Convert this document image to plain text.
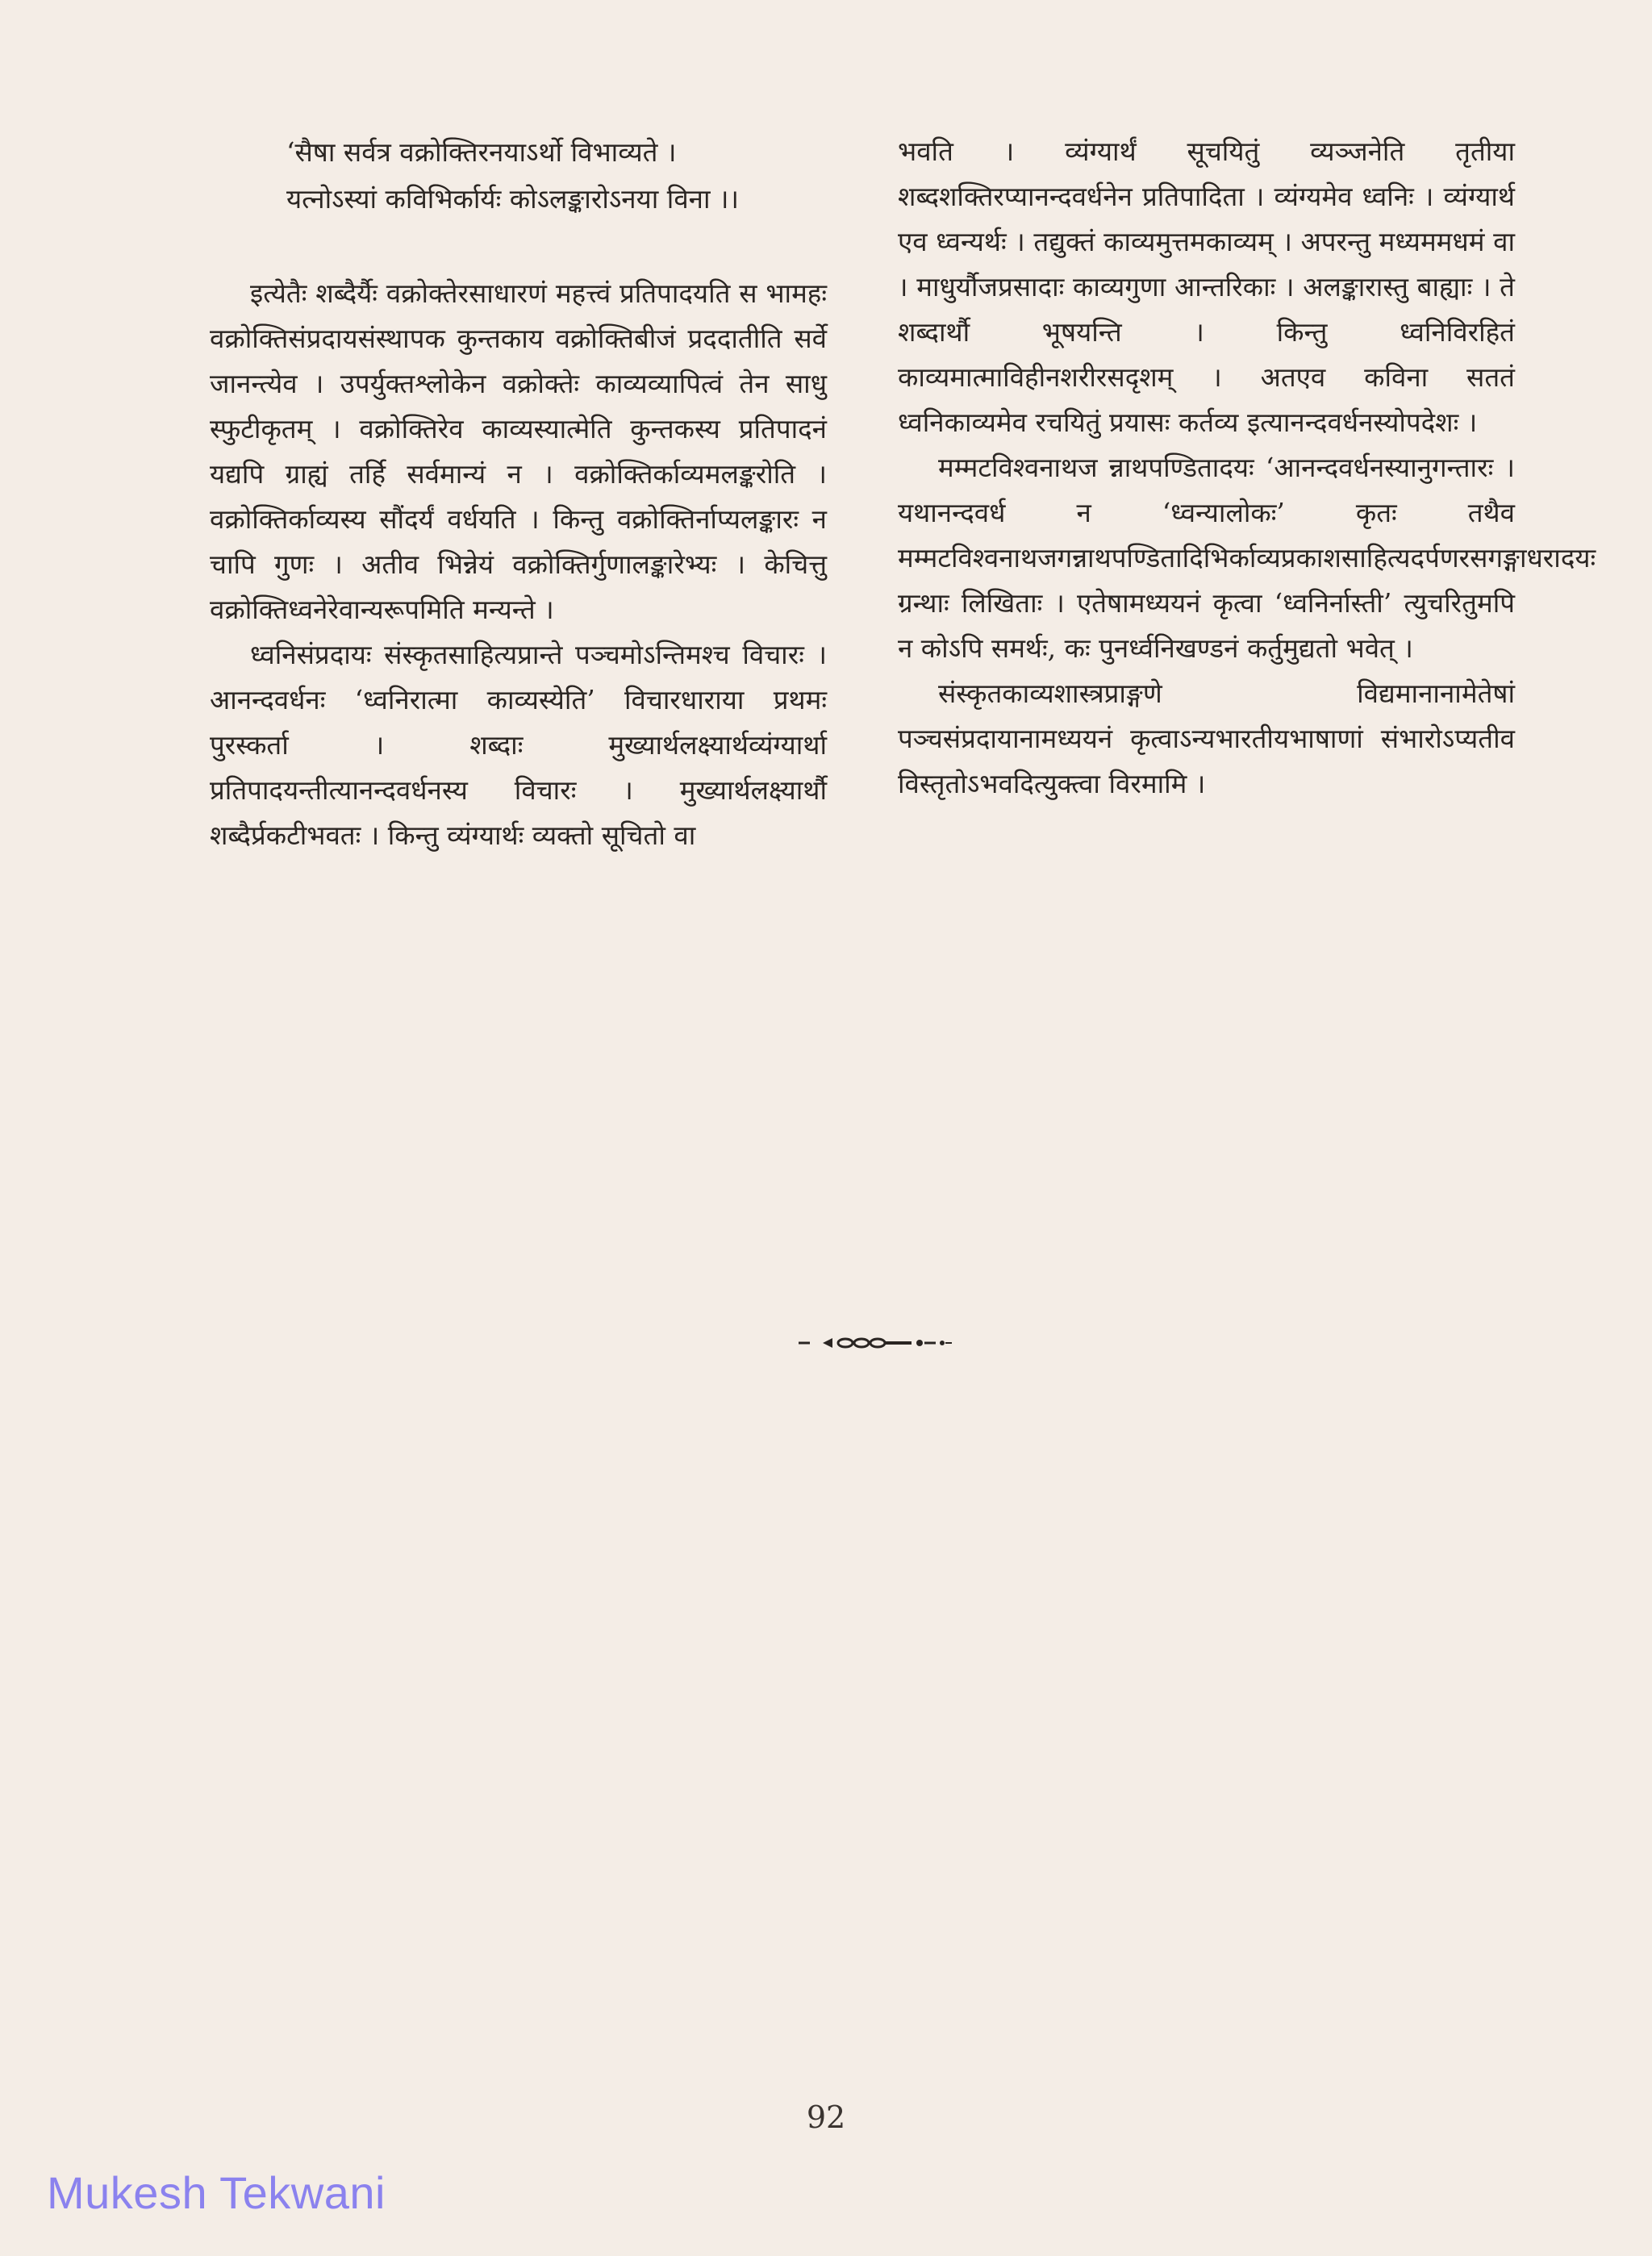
‘सैषा सर्वत्र वक्रोक्तिरनयाऽर्थो विभाव्यते ।
यत्नोऽस्यां कविभिर्कार्यः कोऽलङ्कारोऽनया विना ।।

इत्येतैः शब्दैर्यैः वक्रोक्तेरसाधारणं महत्त्वं प्रतिपादयति स भामहः वक्रोक्तिसंप्रदायसंस्थापक कुन्तकाय वक्रोक्तिबीजं प्रददातीति सर्वे जानन्त्येव । उपर्युक्तश्लोकेन वक्रोक्तेः काव्यव्यापित्वं तेन साधु स्फुटीकृतम् । वक्रोक्तिरेव काव्यस्यात्मेति कुन्तकस्य प्रतिपादनं यद्यपि ग्राह्यं तर्हि सर्वमान्यं न । वक्रोक्तिर्काव्यमलङ्करोति । वक्रोक्तिर्काव्यस्य सौंदर्यं वर्धयति । किन्तु वक्रोक्तिर्नाप्यलङ्कारः न चापि गुणः । अतीव भिन्नेयं वक्रोक्तिर्गुणालङ्कारेभ्यः । केचित्तु वक्रोक्तिध्वनेरेवान्यरूपमिति मन्यन्ते ।

ध्वनिसंप्रदायः संस्कृतसाहित्यप्रान्ते पञ्चमोऽन्तिमश्च विचारः । आनन्दवर्धनः ‘ध्वनिरात्मा काव्यस्येति’ विचारधाराया प्रथमः पुरस्कर्ता । शब्दाः मुख्यार्थलक्ष्यार्थव्यंग्यार्था प्रतिपादयन्तीत्यानन्दवर्धनस्य विचारः । मुख्यार्थलक्ष्यार्थौ शब्दैर्प्रकटीभवतः । किन्तु व्यंग्यार्थः व्यक्तो सूचितो वा

भवति । व्यंग्यार्थं सूचयितुं व्यञ्जनेति तृतीया शब्दशक्तिरप्यानन्दवर्धनेन प्रतिपादिता । व्यंग्यमेव ध्वनिः । व्यंग्यार्थ एव ध्वन्यर्थः । तद्युक्तं काव्यमुत्तमकाव्यम् । अपरन्तु मध्यममधमं वा । माधुर्यौजप्रसादाः काव्यगुणा आन्तरिकाः । अलङ्कारास्तु बाह्याः । ते शब्दार्थौ भूषयन्ति । किन्तु ध्वनिविरहितं काव्यमात्माविहीनशरीरसदृशम् । अतएव कविना सततं ध्वनिकाव्यमेव रचयितुं प्रयासः कर्तव्य इत्यानन्दवर्धनस्योपदेशः ।

मम्मटविश्वनाथज न्नाथपण्डितादयः ‘आनन्दवर्धनस्यानुगन्तारः । यथानन्दवर्ध न ‘ध्वन्यालोकः’ कृतः तथैव मम्मटविश्वनाथजगन्नाथपण्डितादिभिर्काव्यप्रकाशसाहित्यदर्पणरसगङ्गाधरादयः ग्रन्थाः लिखिताः । एतेषामध्ययनं कृत्वा ‘ध्वनिर्नास्ती’ त्युचरितुमपि न कोऽपि समर्थः, कः पुनर्ध्वनिखण्डनं कर्तुमुद्यतो भवेत् ।

संस्कृतकाव्यशास्त्रप्राङ्गणे विद्यमानानामेतेषां पञ्चसंप्रदायानामध्ययनं कृत्वाऽन्यभारतीयभाषाणां संभारोऽप्यतीव विस्तृतोऽभवदित्युक्त्वा विरमामि ।

92
Mukesh Tekwani
